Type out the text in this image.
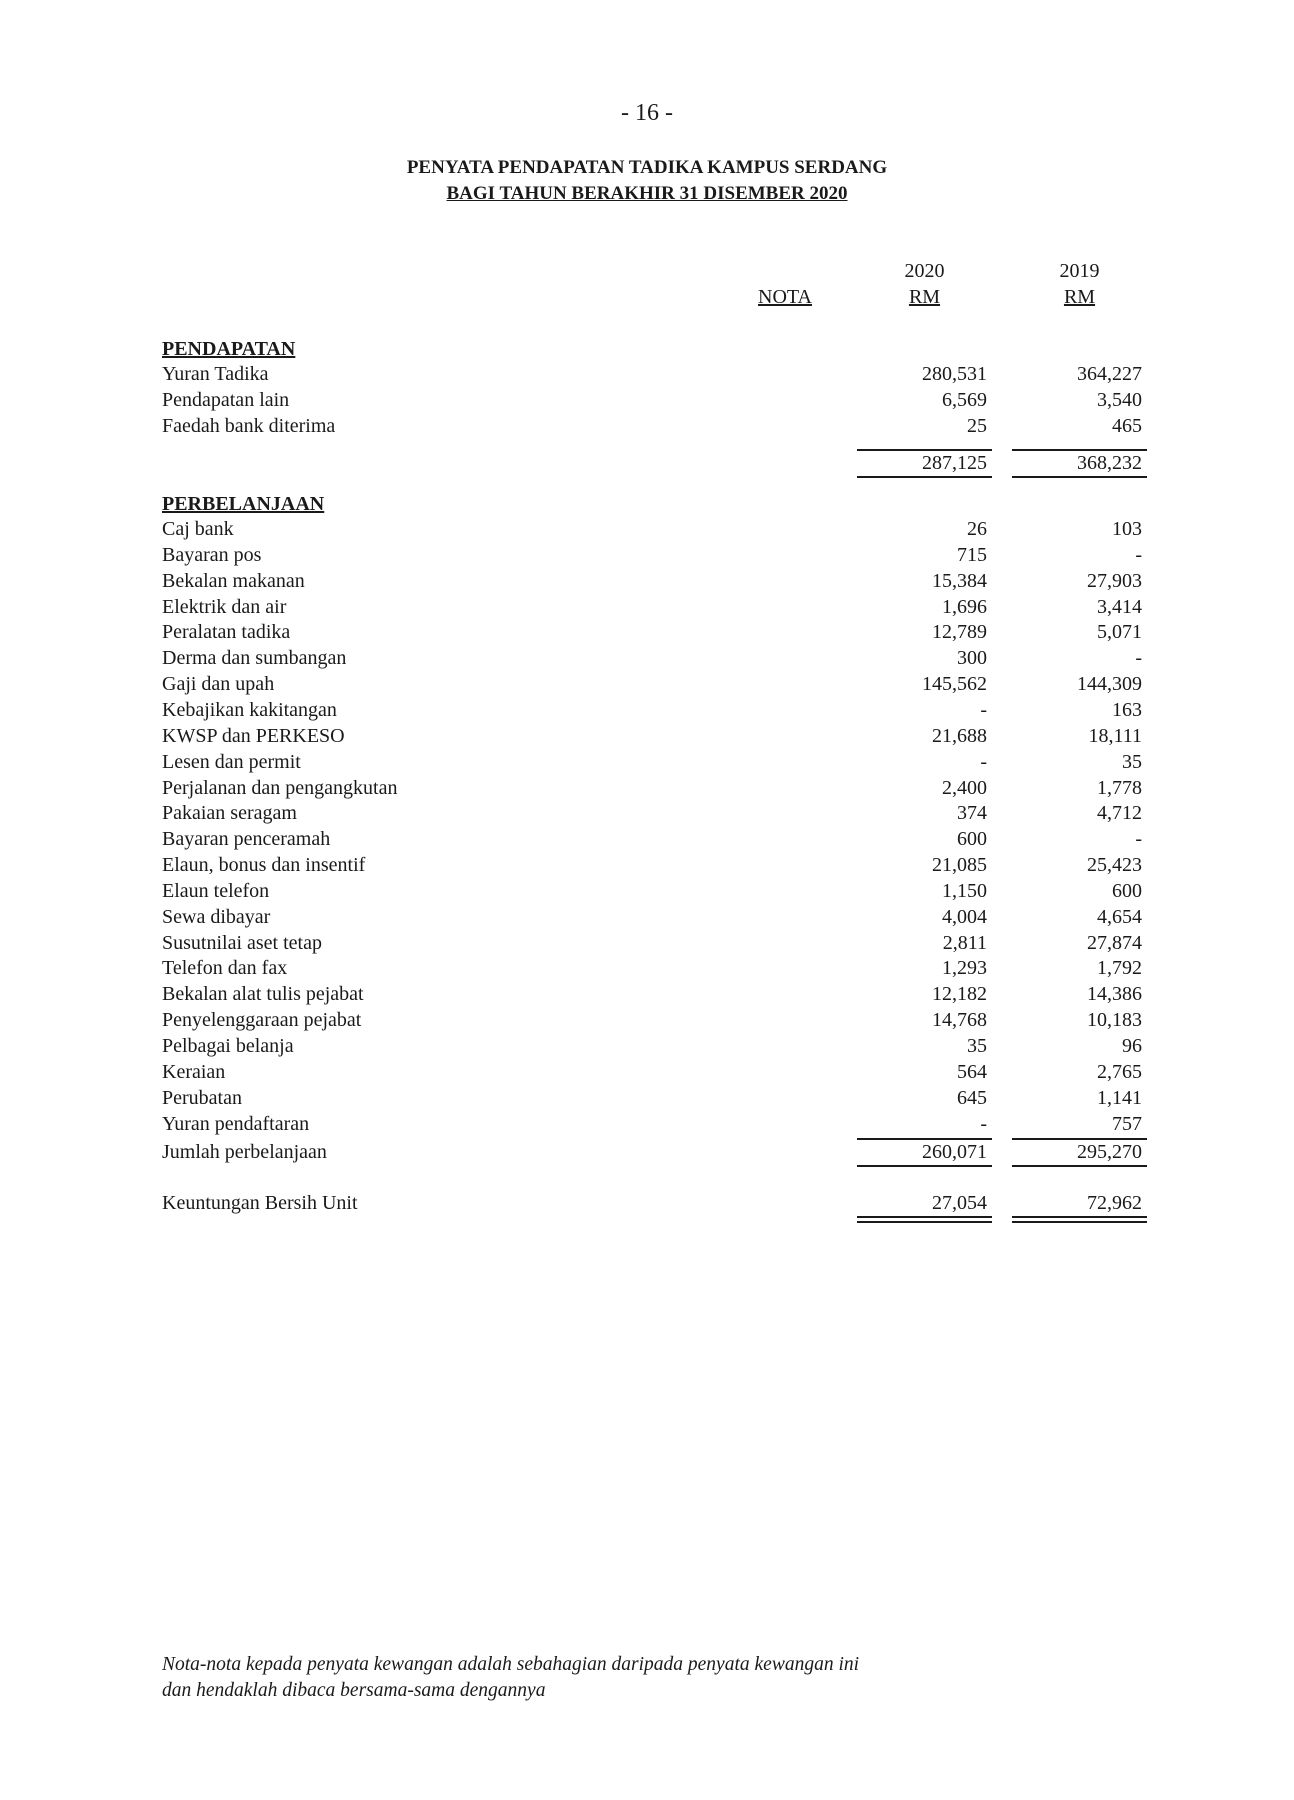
- 16 -
PENYATA PENDAPATAN TADIKA KAMPUS SERDANG
BAGI TAHUN BERAKHIR 31 DISEMBER 2020
NOTA
2020	2019
RM	RM
PENDAPATAN
Yuran Tadika	280,531	364,227
Pendapatan lain	6,569	3,540
Faedah bank diterima	25	465
287,125	368,232
PERBELANJAAN
Caj bank	26	103
Bayaran pos	715	-
Bekalan makanan	15,384	27,903
Elektrik dan air	1,696	3,414
Peralatan tadika	12,789	5,071
Derma dan sumbangan	300	-
Gaji dan upah	145,562	144,309
Kebajikan kakitangan	-	163
KWSP dan PERKESO	21,688	18,111
Lesen dan permit	-	35
Perjalanan dan pengangkutan	2,400	1,778
Pakaian seragam	374	4,712
Bayaran penceramah	600	-
Elaun, bonus dan insentif	21,085	25,423
Elaun telefon	1,150	600
Sewa dibayar	4,004	4,654
Susutnilai aset tetap	2,811	27,874
Telefon dan fax	1,293	1,792
Bekalan alat tulis pejabat	12,182	14,386
Penyelenggaraan pejabat	14,768	10,183
Pelbagai belanja	35	96
Keraian	564	2,765
Perubatan	645	1,141
Yuran pendaftaran	-	757
Jumlah perbelanjaan	260,071	295,270
Keuntungan Bersih Unit	27,054	72,962
Nota-nota kepada penyata kewangan adalah sebahagian daripada penyata kewangan ini
dan hendaklah dibaca bersama-sama dengannya
